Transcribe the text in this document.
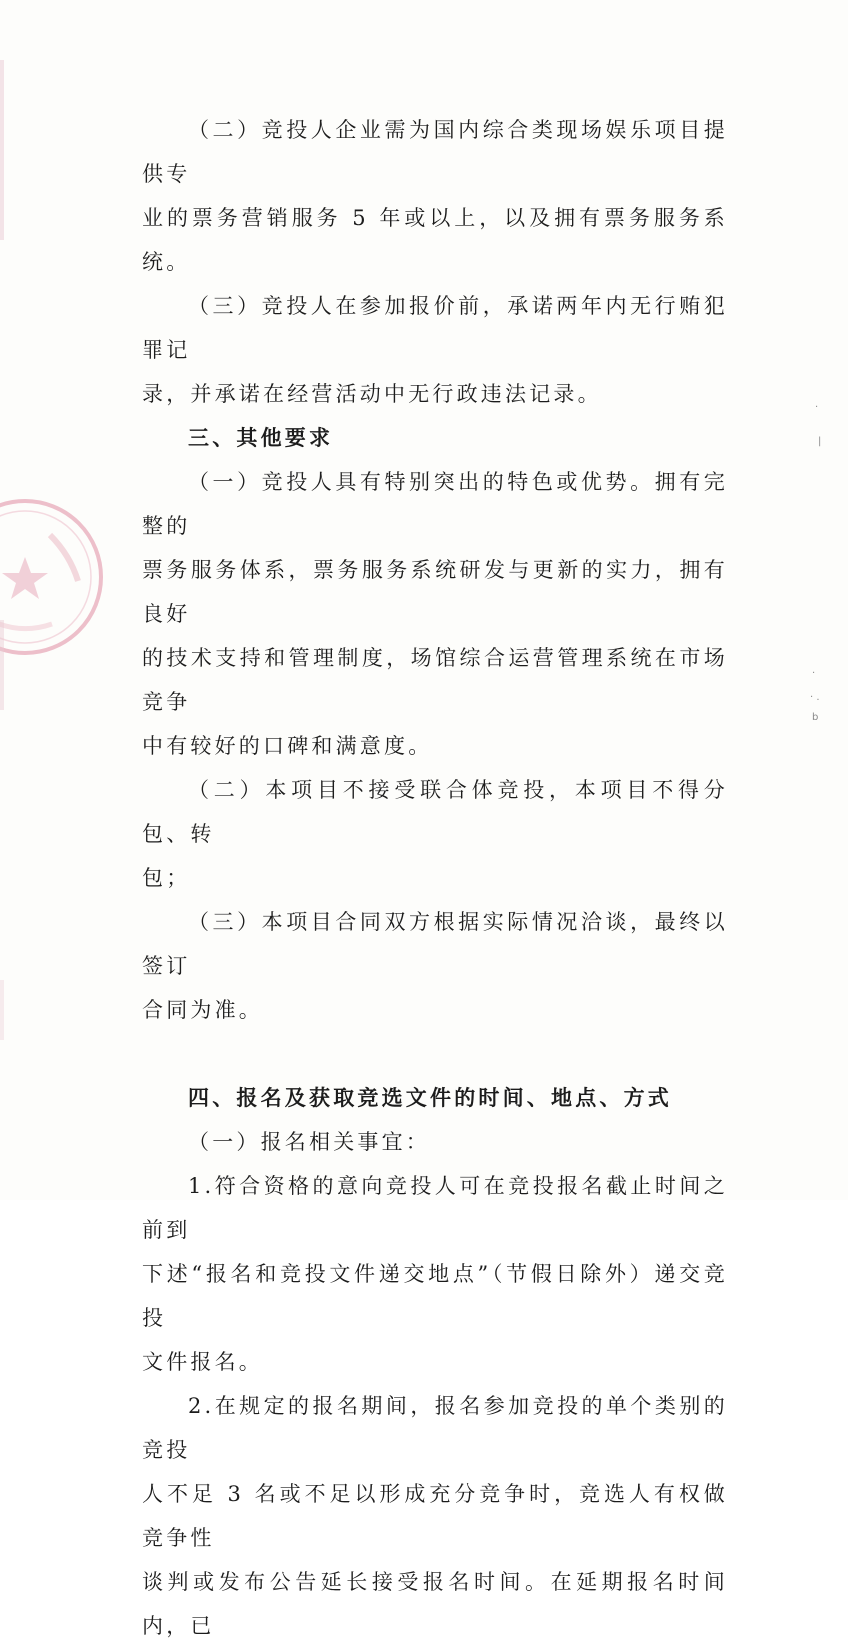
·
|
·
· .
b

（二）竞投人企业需为国内综合类现场娱乐项目提供专
业的票务营销服务 5 年或以上，以及拥有票务服务系统。

（三）竞投人在参加报价前，承诺两年内无行贿犯罪记
录，并承诺在经营活动中无行政违法记录。

三、其他要求

（一）竞投人具有特别突出的特色或优势。拥有完整的
票务服务体系，票务服务系统研发与更新的实力，拥有良好
的技术支持和管理制度，场馆综合运营管理系统在市场竞争
中有较好的口碑和满意度。

（二）本项目不接受联合体竞投，本项目不得分包、转
包；

（三）本项目合同双方根据实际情况洽谈，最终以签订
合同为准。

四、报名及获取竞选文件的时间、地点、方式

（一）报名相关事宜：

1.符合资格的意向竞投人可在竞投报名截止时间之前到
下述“报名和竞投文件递交地点”（节假日除外）递交竞投
文件报名。

2.在规定的报名期间，报名参加竞投的单个类别的竞投
人不足 3 名或不足以形成充分竞争时，竞选人有权做竞争性
谈判或发布公告延长接受报名时间。在延期报名时间内，已
